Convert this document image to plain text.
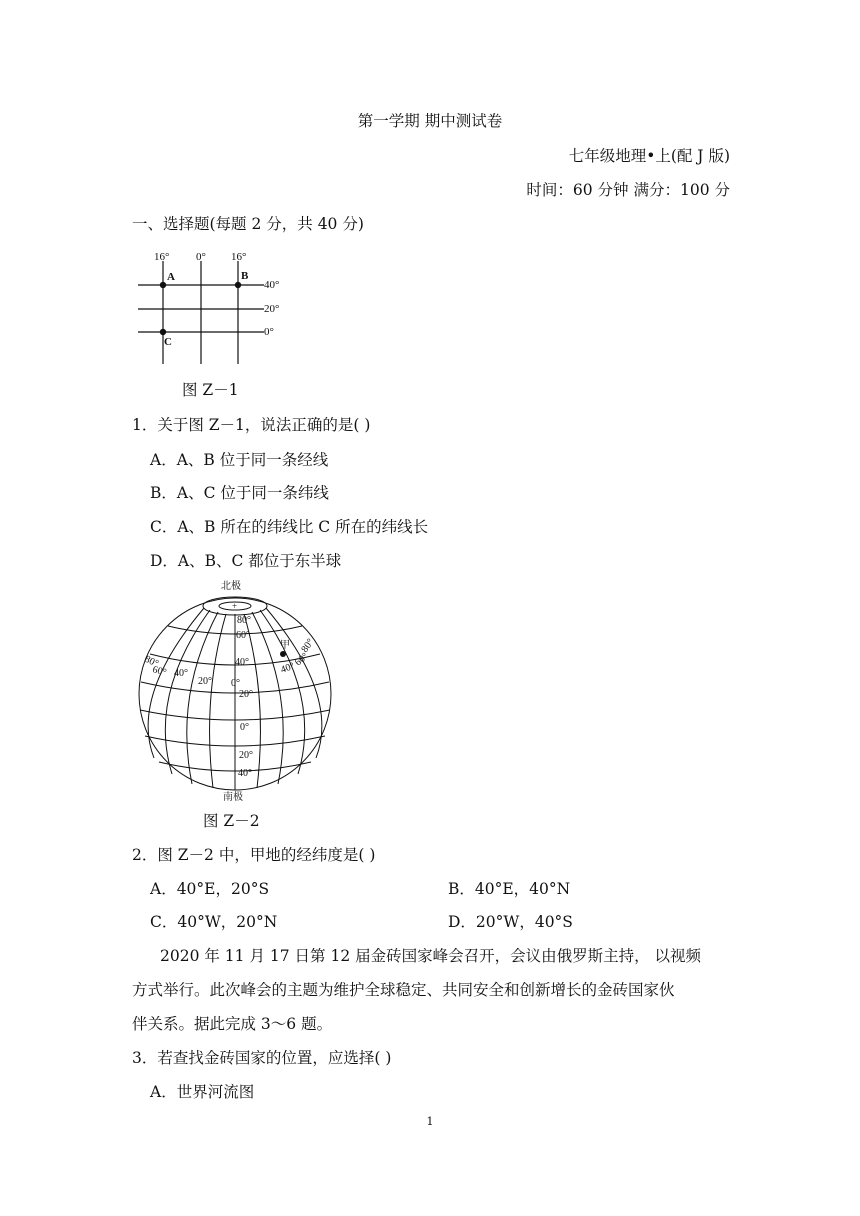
第一学期 期中测试卷
七年级地理•上(配 J 版)
时间：60 分钟 满分：100 分
一、选择题(每题 2 分，共 40 分)
16° 0° 16°
40°
20°
0°
A	B
C
图 Z－1
1．关于图 Z－1，说法正确的是( )
A．A、B 位于同一条经线
B．A、C 位于同一条纬线
C．A、B 所在的纬线比 C 所在的纬线长
D．A、B、C 都位于东半球
+
北极
南极
80°
60°
40°
20°
0°
20°
40°
80°
60° 40°
20° 0°
40°
60°
80°
甲
图 Z－2
2．图 Z－2 中，甲地的经纬度是( )
A．40°E，20°S	B．40°E，40°N
C．40°W，20°N	D．20°W，40°S
2020 年 11 月 17 日第 12 届金砖国家峰会召开，会议由俄罗斯主持， 以视频
方式举行。此次峰会的主题为维护全球稳定、共同安全和创新增长的金砖国家伙
伴关系。据此完成 3～6 题。
3．若查找金砖国家的位置，应选择( )
A．世界河流图
1
